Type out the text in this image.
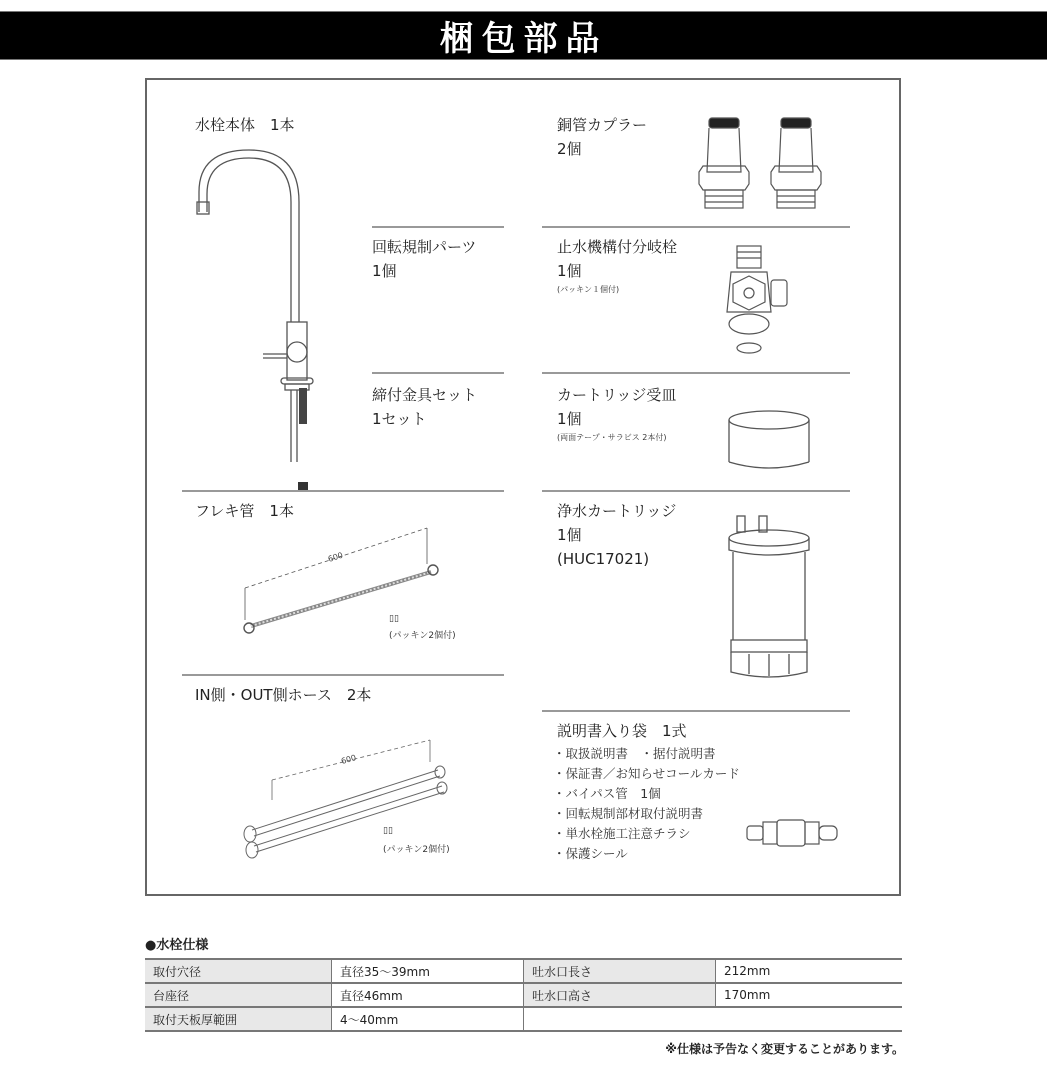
梱包部品
水栓本体　1本
回転規制パーツ
1個
締付金具セット
1セット
フレキ管　1本
600
▯▯
(パッキン2個付)
IN側・OUT側ホース　2本
600
▯▯
(パッキン2個付)
銅管カプラー
2個
止水機構付分岐栓
1個
(パッキン１個付)
カートリッジ受皿
1個
(両面テープ・サラビス 2本付)
浄水カートリッジ
1個
(HUC17021)
説明書入り袋　1式
・取扱説明書　・据付説明書
・保証書／お知らせコールカード
・バイパス管　1個
・回転規制部材取付説明書
・単水栓施工注意チラシ
・保護シール
●水栓仕様
取付穴径	直径35～39mm	吐水口長さ	212mm
台座径	直径46mm	吐水口高さ	170mm
取付天板厚範囲	4～40mm		
※仕様は予告なく変更することがあります。
